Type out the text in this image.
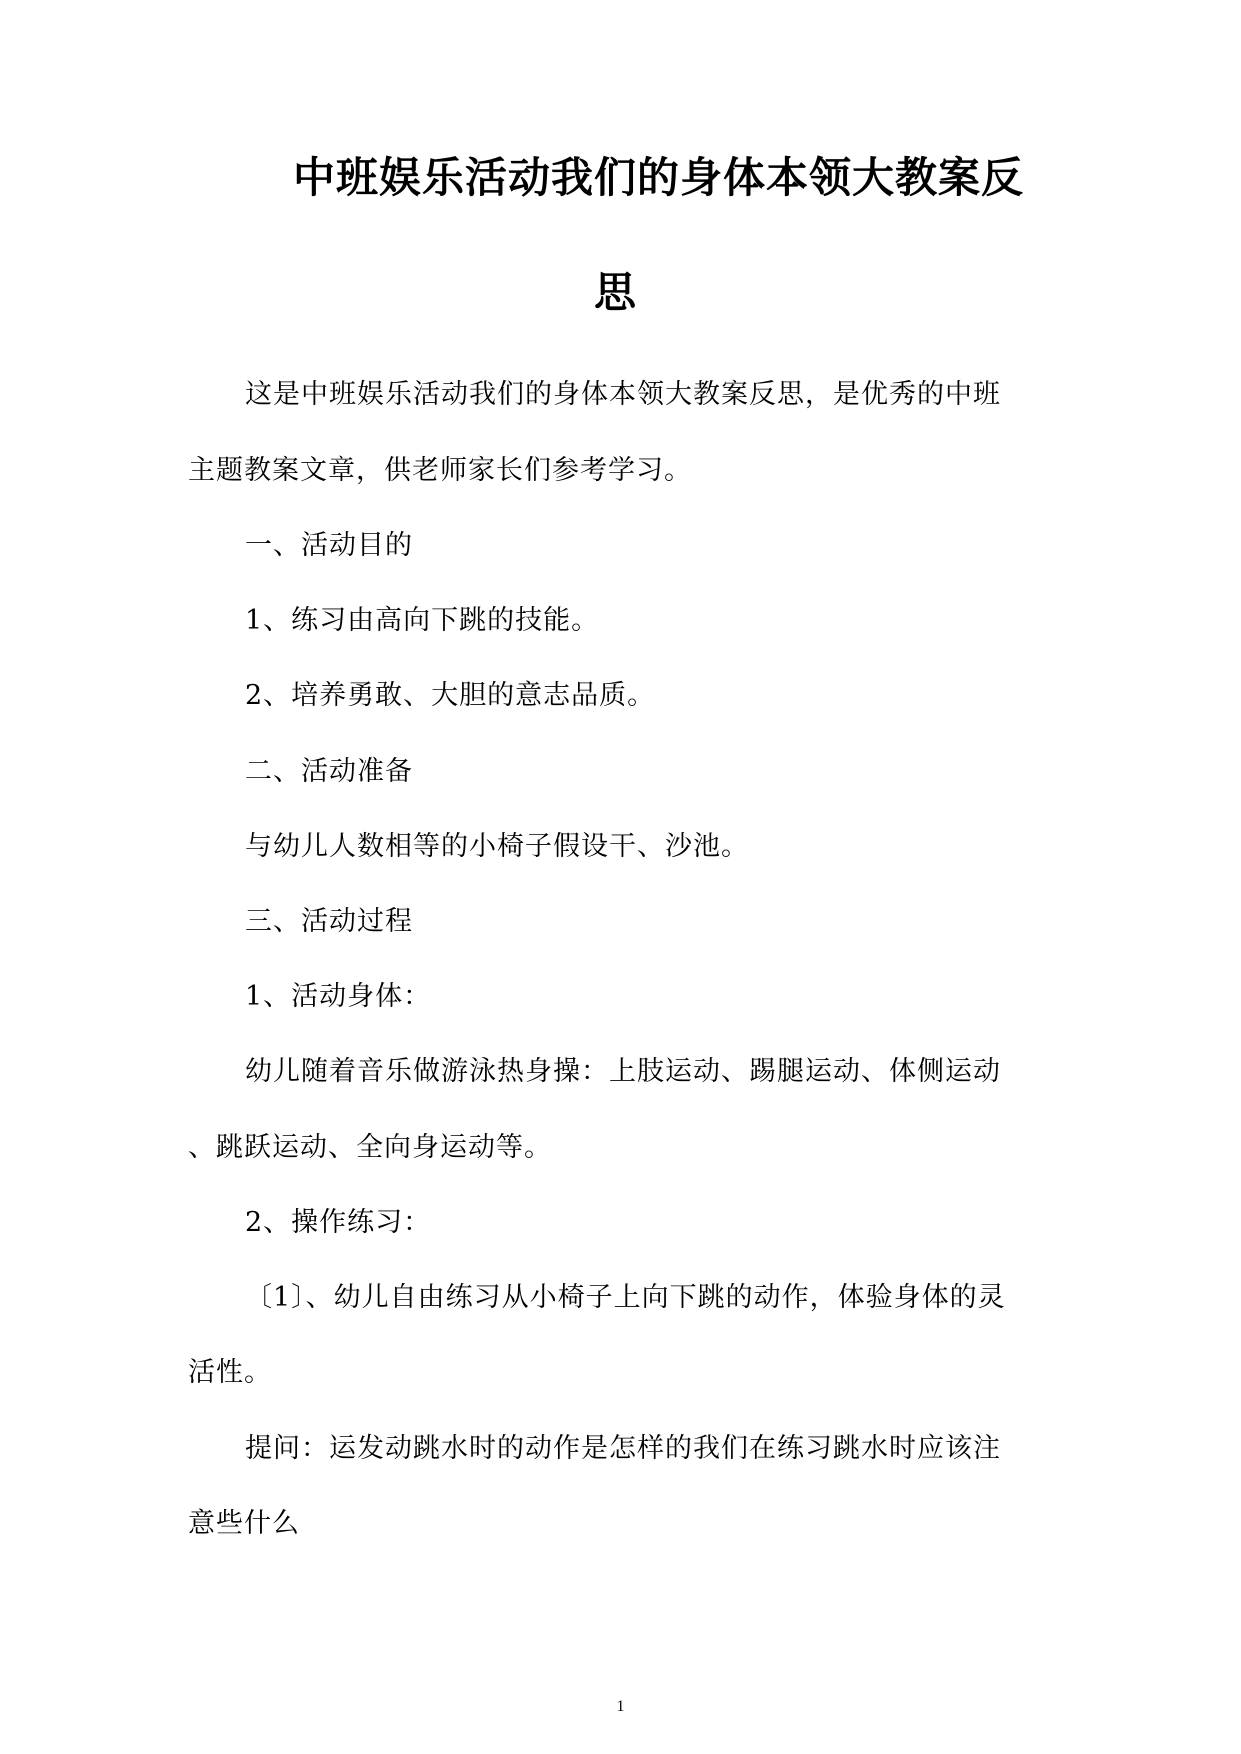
中班娱乐活动我们的身体本领大教案反
思
这是中班娱乐活动我们的身体本领大教案反思，是优秀的中班
主题教案文章，供老师家长们参考学习。
一、活动目的
1、练习由高向下跳的技能。
2、培养勇敢、大胆的意志品质。
二、活动准备
与幼儿人数相等的小椅子假设干、沙池。
三、活动过程
1、活动身体：
幼儿随着音乐做游泳热身操：上肢运动、踢腿运动、体侧运动
、跳跃运动、全向身运动等。
2、操作练习：
〔1〕、幼儿自由练习从小椅子上向下跳的动作，体验身体的灵
活性。
提问：运发动跳水时的动作是怎样的我们在练习跳水时应该注
意些什么
1
